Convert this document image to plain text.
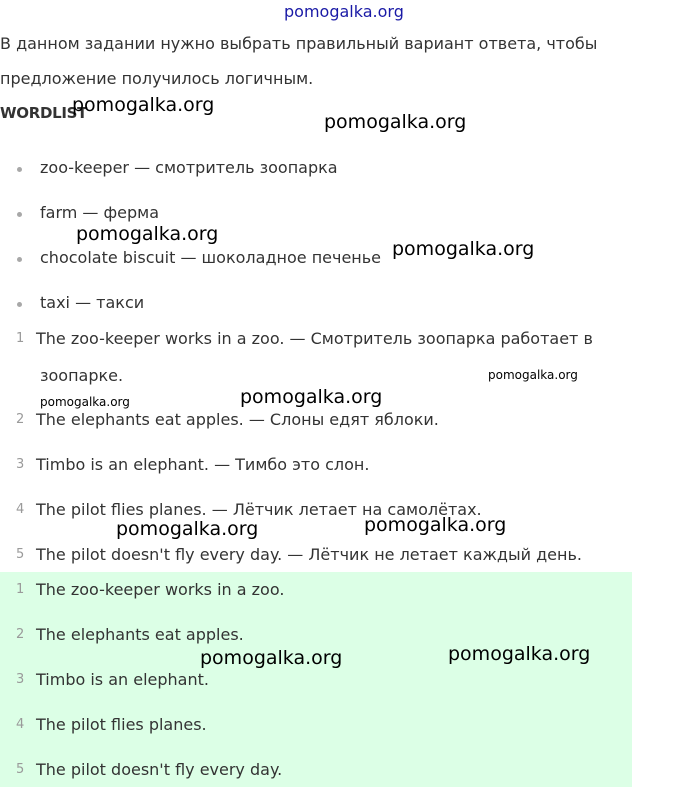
pomogalka.org
В данном задании нужно выбрать правильный вариант ответа, чтобы предложение получилось логичным.
WORDLIST
zoo-keeper — смотритель зоопарка
farm — ферма
chocolate biscuit — шоколадное печенье
taxi — такси
1 The zoo-keeper works in a zoo. — Смотритель зоопарка работает в
зоопарке.
2 The elephants eat apples. — Слоны едят яблоки.
3 Timbo is an elephant. — Тимбо это слон.
4 The pilot flies planes. — Лётчик летает на самолётах.
5 The pilot doesn't fly every day. — Лётчик не летает каждый день.
1 The zoo-keeper works in a zoo.
2 The elephants eat apples.
3 Timbo is an elephant.
4 The pilot flies planes.
5 The pilot doesn't fly every day.
pomogalka.org
pomogalka.org
pomogalka.org
pomogalka.org
pomogalka.org
pomogalka.org	pomogalka.org
pomogalka.org	pomogalka.org
pomogalka.org	pomogalka.org
